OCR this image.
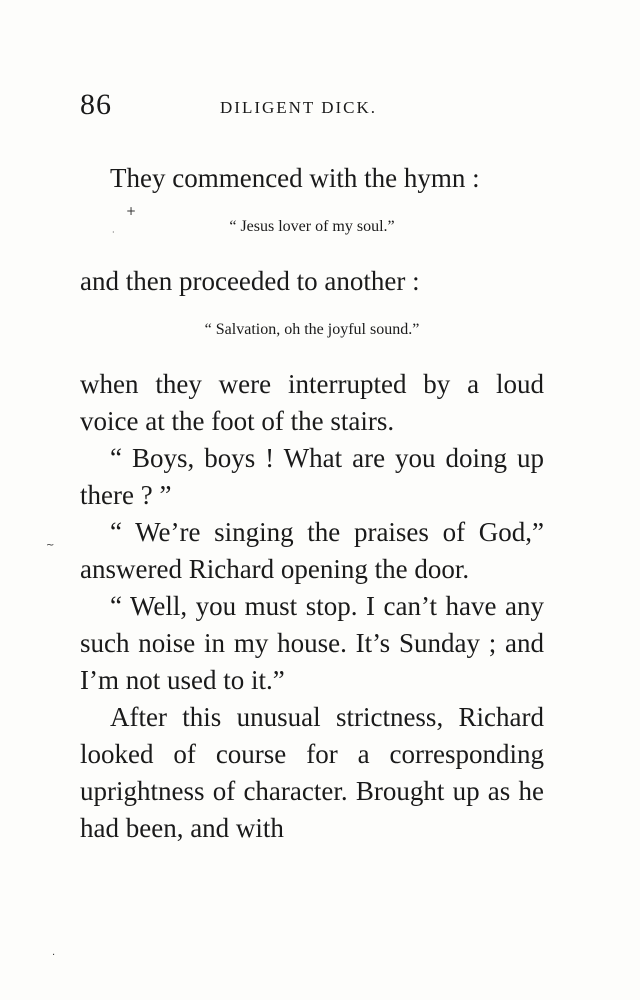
86	DILIGENT DICK.

They commenced with the hymn :

“ Jesus lover of my soul.”

and then proceeded to another :

“ Salvation, oh the joyful sound.”

when they were interrupted by a loud voice at the foot of the stairs.

“ Boys, boys ! What are you doing up there ? ”

“ We’re singing the praises of God,” answered Richard opening the door.

“ Well, you must stop. I can’t have any such noise in my house. It’s Sunday ; and I’m not used to it.”

After this unusual strictness, Richard looked of course for a corresponding uprightness of character. Brought up as he had been, and with

+
·
~
·
